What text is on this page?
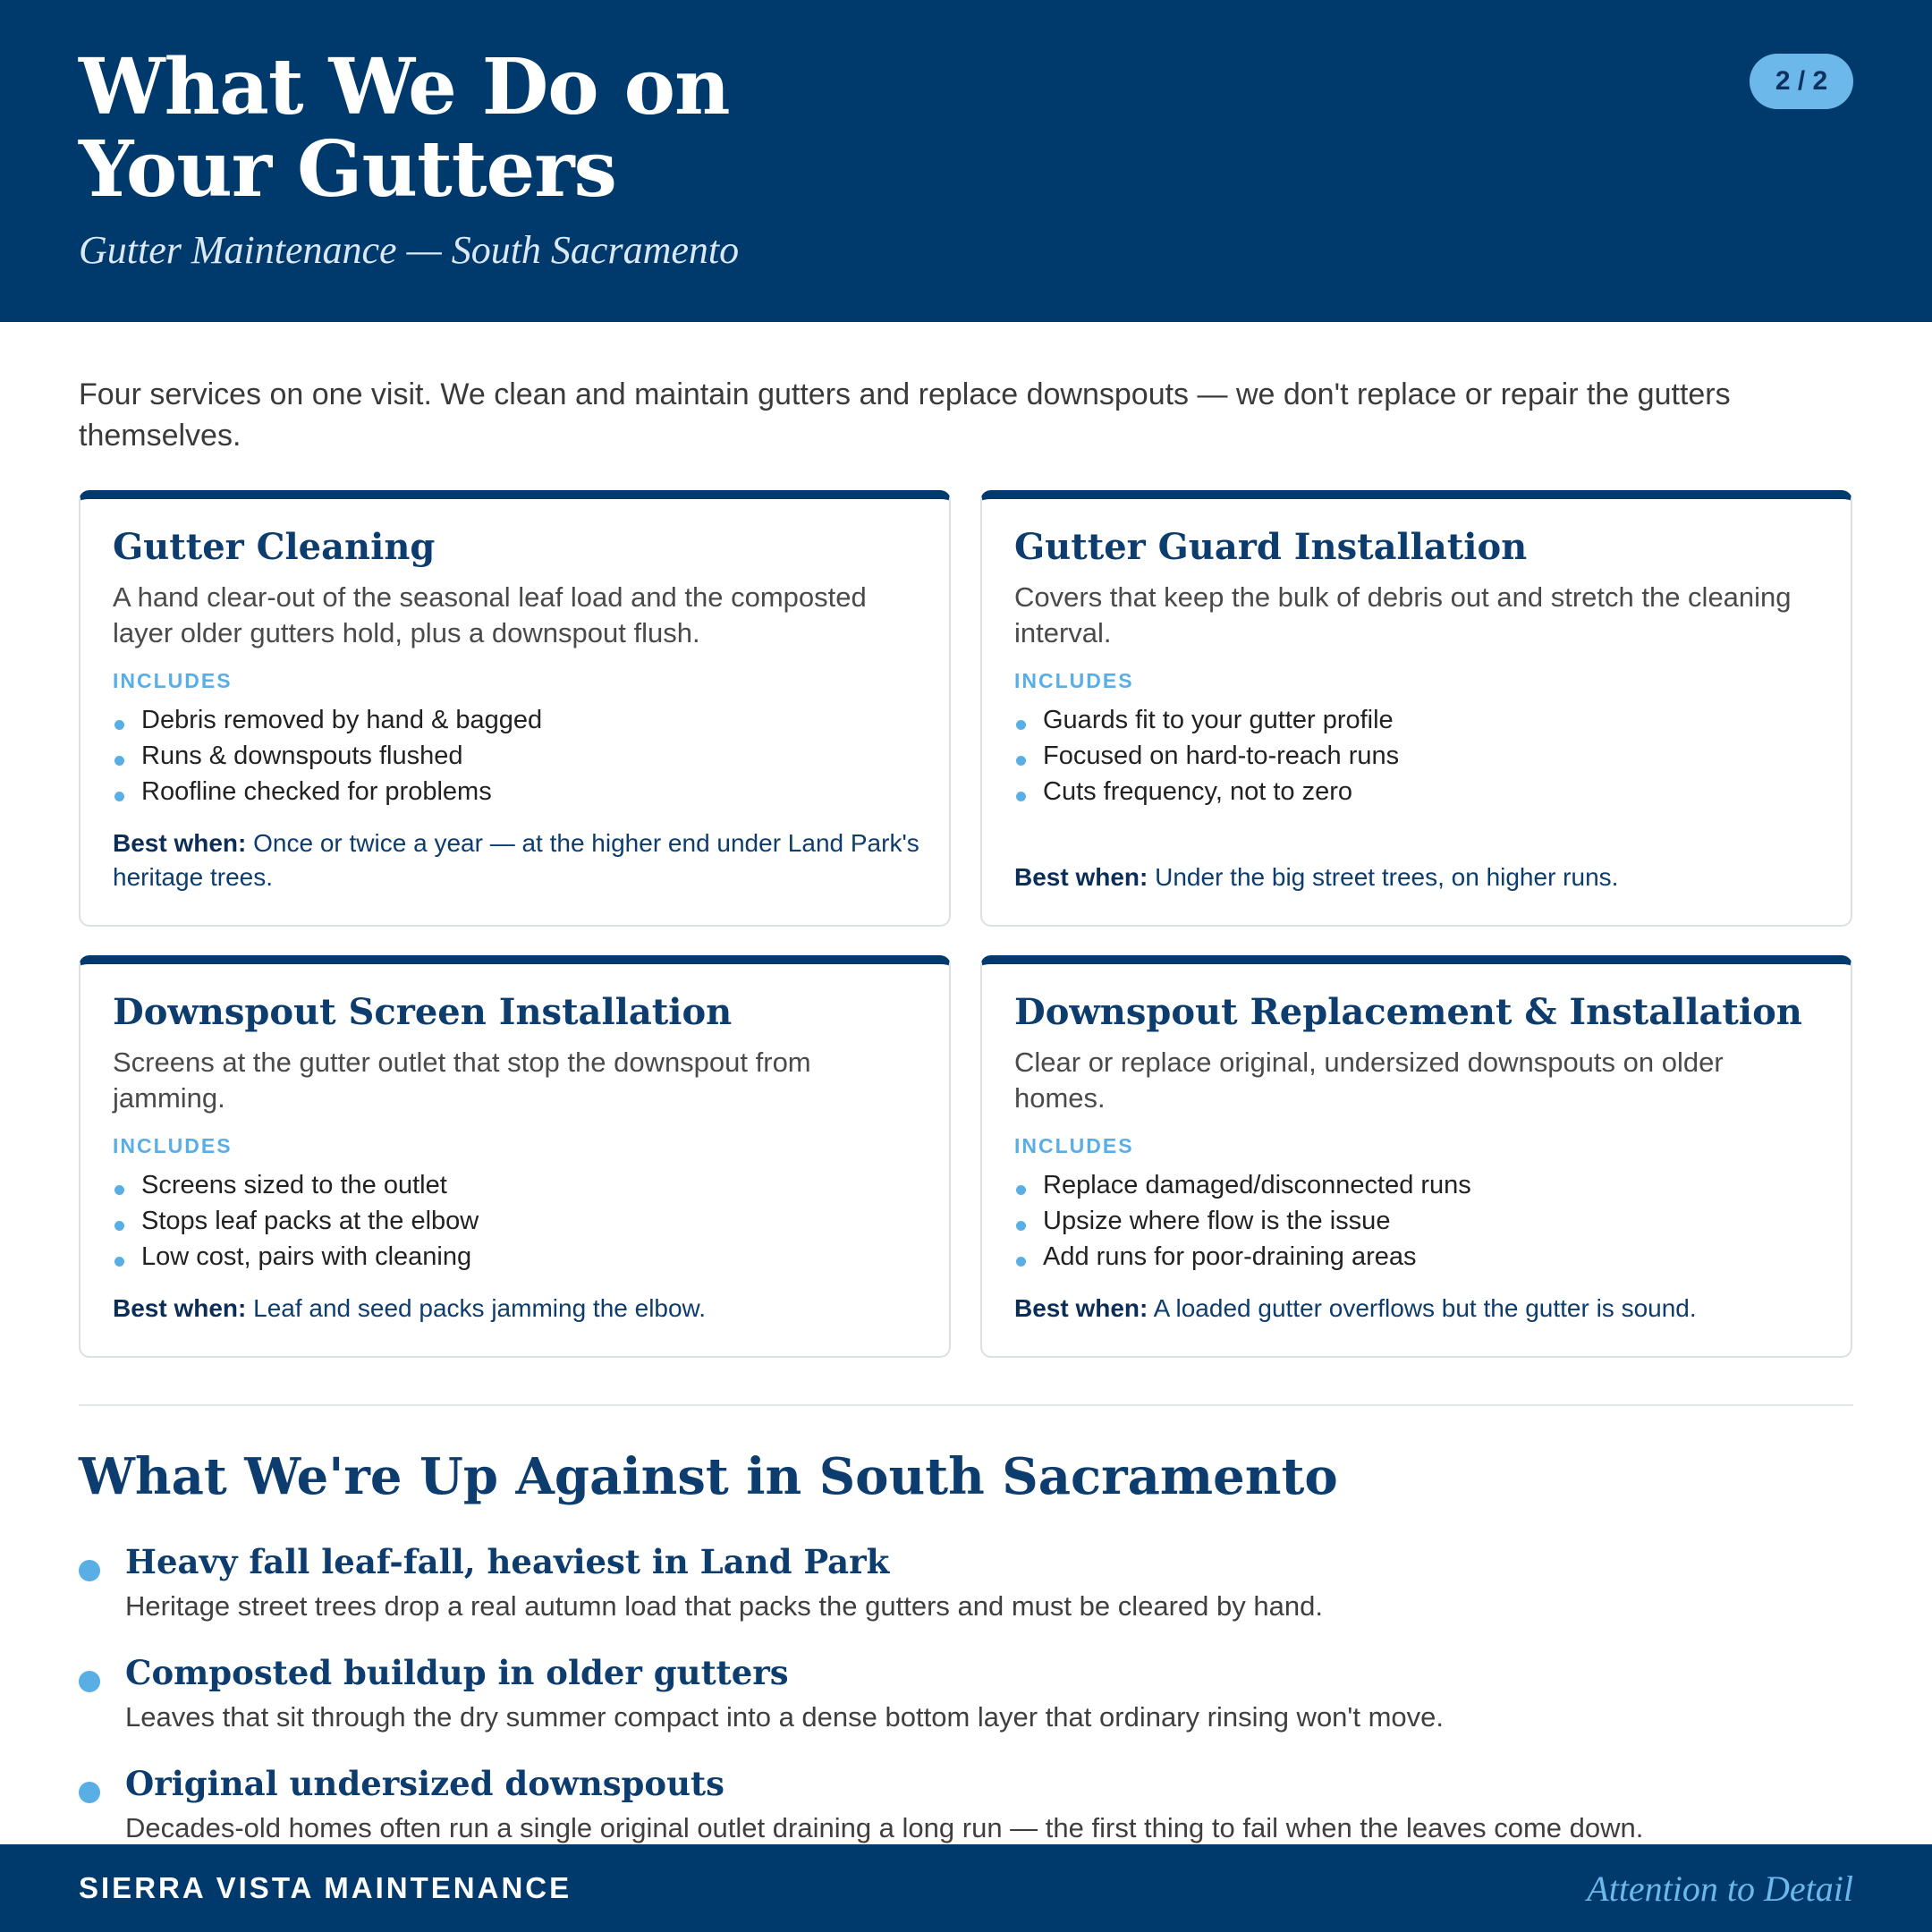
What We Do on
Your Gutters
Gutter Maintenance — South Sacramento
2 / 2

Four services on one visit. We clean and maintain gutters and replace downspouts — we don't replace or repair the gutters themselves.

Gutter Cleaning
A hand clear-out of the seasonal leaf load and the composted layer older gutters hold, plus a downspout flush.
INCLUDES
Debris removed by hand & bagged
Runs & downspouts flushed
Roofline checked for problems
Best when: Once or twice a year — at the higher end under Land Park's heritage trees.
Gutter Guard Installation
Covers that keep the bulk of debris out and stretch the cleaning interval.
INCLUDES
Guards fit to your gutter profile
Focused on hard-to-reach runs
Cuts frequency, not to zero
Best when: Under the big street trees, on higher runs.
Downspout Screen Installation
Screens at the gutter outlet that stop the downspout from jamming.
INCLUDES
Screens sized to the outlet
Stops leaf packs at the elbow
Low cost, pairs with cleaning
Best when: Leaf and seed packs jamming the elbow.
Downspout Replacement & Installation
Clear or replace original, undersized downspouts on older homes.
INCLUDES
Replace damaged/disconnected runs
Upsize where flow is the issue
Add runs for poor-draining areas
Best when: A loaded gutter overflows but the gutter is sound.
What We're Up Against in South Sacramento
Heavy fall leaf-fall, heaviest in Land Park
Heritage street trees drop a real autumn load that packs the gutters and must be cleared by hand.
Composted buildup in older gutters
Leaves that sit through the dry summer compact into a dense bottom layer that ordinary rinsing won't move.
Original undersized downspouts
Decades-old homes often run a single original outlet draining a long run — the first thing to fail when the leaves come down.
SIERRA VISTA MAINTENANCE	Attention to Detail
